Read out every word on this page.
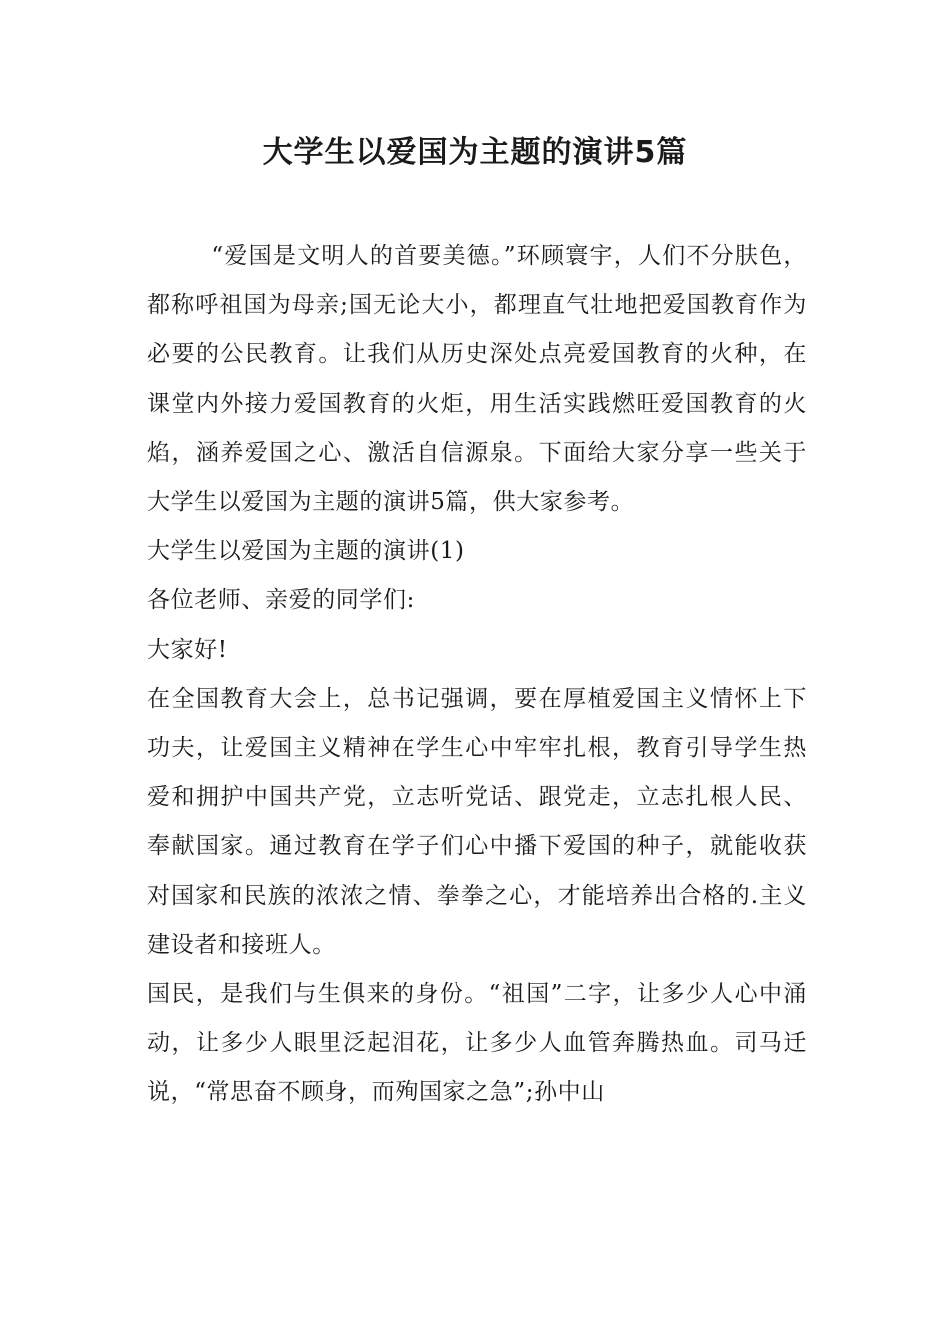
大学生以爱国为主题的演讲5篇

“爱国是文明人的首要美德。”环顾寰宇，人们不分肤色，都称呼祖国为母亲;国无论大小，都理直气壮地把爱国教育作为必要的公民教育。让我们从历史深处点亮爱国教育的火种，在课堂内外接力爱国教育的火炬，用生活实践燃旺爱国教育的火焰，涵养爱国之心、激活自信源泉。下面给大家分享一些关于大学生以爱国为主题的演讲5篇，供大家参考。

大学生以爱国为主题的演讲(1)

各位老师、亲爱的同学们:

大家好!

在全国教育大会上，总书记强调，要在厚植爱国主义情怀上下功夫，让爱国主义精神在学生心中牢牢扎根，教育引导学生热爱和拥护中国共产党，立志听党话、跟党走，立志扎根人民、奉献国家。通过教育在学子们心中播下爱国的种子，就能收获对国家和民族的浓浓之情、拳拳之心，才能培养出合格的.主义建设者和接班人。

国民，是我们与生俱来的身份。“祖国”二字，让多少人心中涌动，让多少人眼里泛起泪花，让多少人血管奔腾热血。司马迁说，“常思奋不顾身，而殉国家之急”;孙中山
